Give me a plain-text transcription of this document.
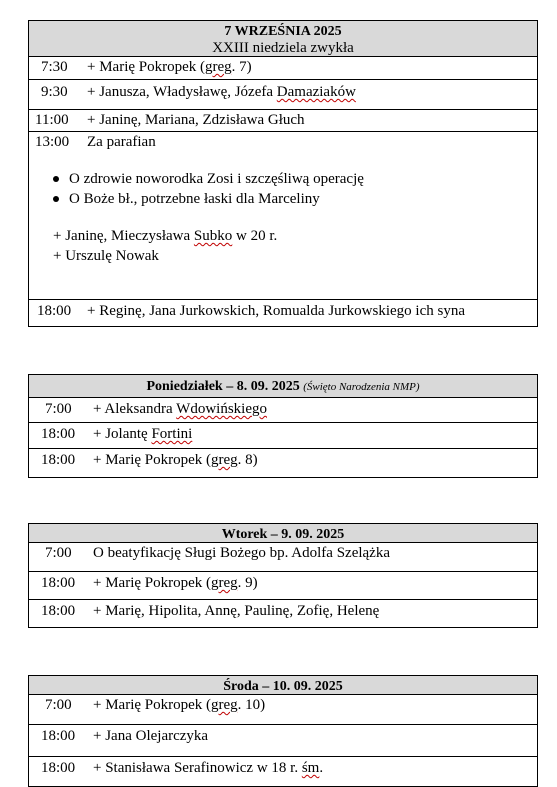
7 WRZEŚNIA 2025
XXIII niedziela zwykła
7:30 + Marię Pokropek (greg. 7)
9:30 + Janusza, Władysławę, Józefa Damaziaków
11:00 + Janinę, Mariana, Zdzisława Głuch
13:00 Za parafian
O zdrowie noworodka Zosi i szczęśliwą operację
O Boże bł., potrzebne łaski dla Marceliny
+ Janinę, Mieczysława Subko w 20 r.
+ Urszulę Nowak
18:00 + Reginę, Jana Jurkowskich, Romualda Jurkowskiego ich syna
Poniedziałek – 8. 09. 2025 (Święto Narodzenia NMP)
7:00 + Aleksandra Wdowińskiego
18:00 + Jolantę Fortini
18:00 + Marię Pokropek (greg. 8)
Wtorek – 9. 09. 2025
7:00 O beatyfikację Sługi Bożego bp. Adolfa Szelążka
18:00 + Marię Pokropek (greg. 9)
18:00 + Marię, Hipolita, Annę, Paulinę, Zofię, Helenę
Środa – 10. 09. 2025
7:00 + Marię Pokropek (greg. 10)
18:00 + Jana Olejarczyka
18:00 + Stanisława Serafinowicz w 18 r. śm.
